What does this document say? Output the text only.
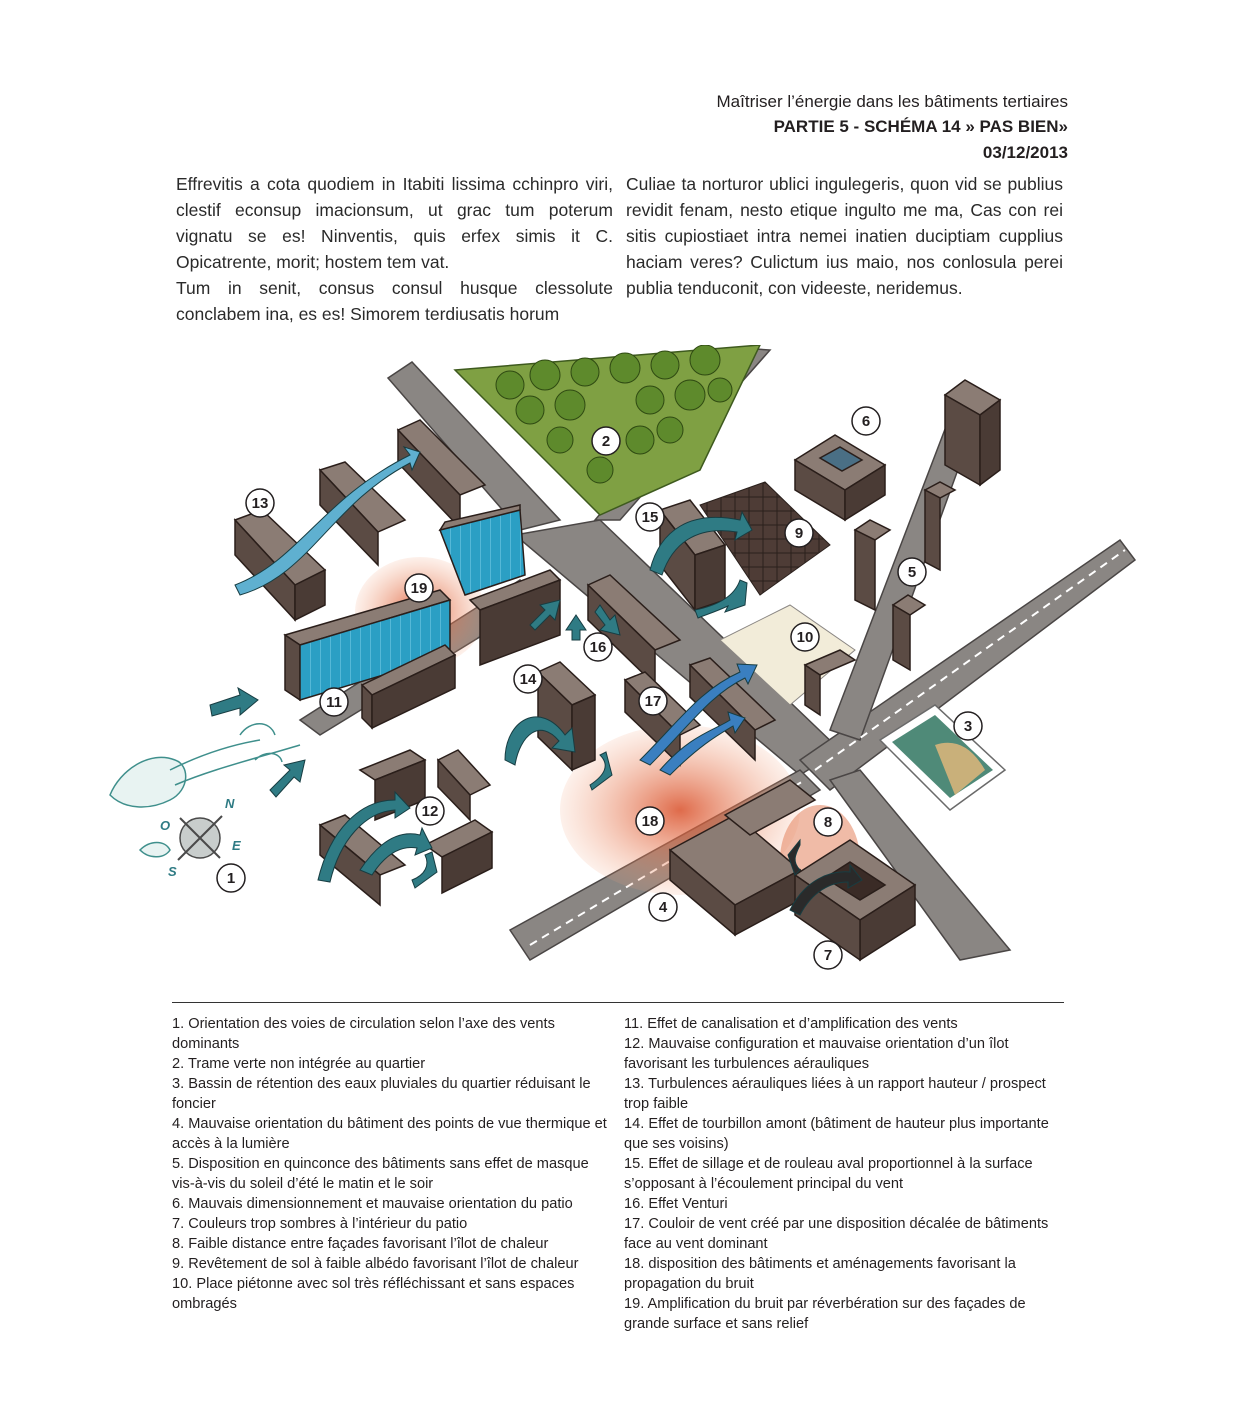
Maîtriser l’énergie dans les bâtiments tertiaires
PARTIE 5 - SCHÉMA 14 » PAS BIEN»
03/12/2013

Effrevitis a cota quodiem in Itabiti lissima cchinpro viri, clestif econsup imacionsum, ut grac tum poterum vignatu se es! Ninventis, quis erfex simis it C. Opicatrente, morit; hostem tem vat.

Tum in senit, consus consul husque clessolute conclabem ina, es es! Simorem terdiusatis horum

Culiae ta norturor ublici ingulegeris, quon vid se publius revidit fenam, nesto etique ingulto me ma, Cas con rei sitis cupiostiaet intra nemei inatien duciptiam cupplius haciam veres? Culictum ius maio, nos conlosula perei publia tenduconit, con videeste, neridemus.

N
E
S
O
1
2
3
4
5
6
7
8
9
10
11
12
13
14
15
16
17
18
19
1. Orientation des voies de circulation selon l’axe des vents dominants
2. Trame verte non intégrée au quartier
3. Bassin de rétention des eaux pluviales du quartier réduisant le foncier
4. Mauvaise orientation du bâtiment des points de vue thermique et accès à la lumière
5. Disposition en quinconce des bâtiments sans effet de masque vis-à-vis du soleil d’été le matin et le soir
6. Mauvais dimensionnement et mauvaise orientation du patio
7. Couleurs trop sombres à l’intérieur du patio
8. Faible distance entre façades favorisant l’îlot de chaleur
9. Revêtement de sol à faible albédo favorisant l’îlot de chaleur
10. Place piétonne avec sol très réfléchissant et sans espaces ombragés
11. Effet de canalisation et d’amplification des vents
12. Mauvaise configuration et mauvaise orientation d’un îlot favorisant les turbulences aérauliques
13. Turbulences aérauliques liées à un rapport hauteur / prospect trop faible
14. Effet de tourbillon amont (bâtiment de hauteur plus importante que ses voisins)
15. Effet de sillage et de rouleau aval proportionnel à la surface s’opposant à l’écoulement principal du vent
16. Effet Venturi
17. Couloir de vent créé par une disposition décalée de bâtiments face au vent dominant
18. disposition des bâtiments et aménagements favorisant la propagation du bruit
19. Amplification du bruit par réverbération sur des façades de grande surface et sans relief
